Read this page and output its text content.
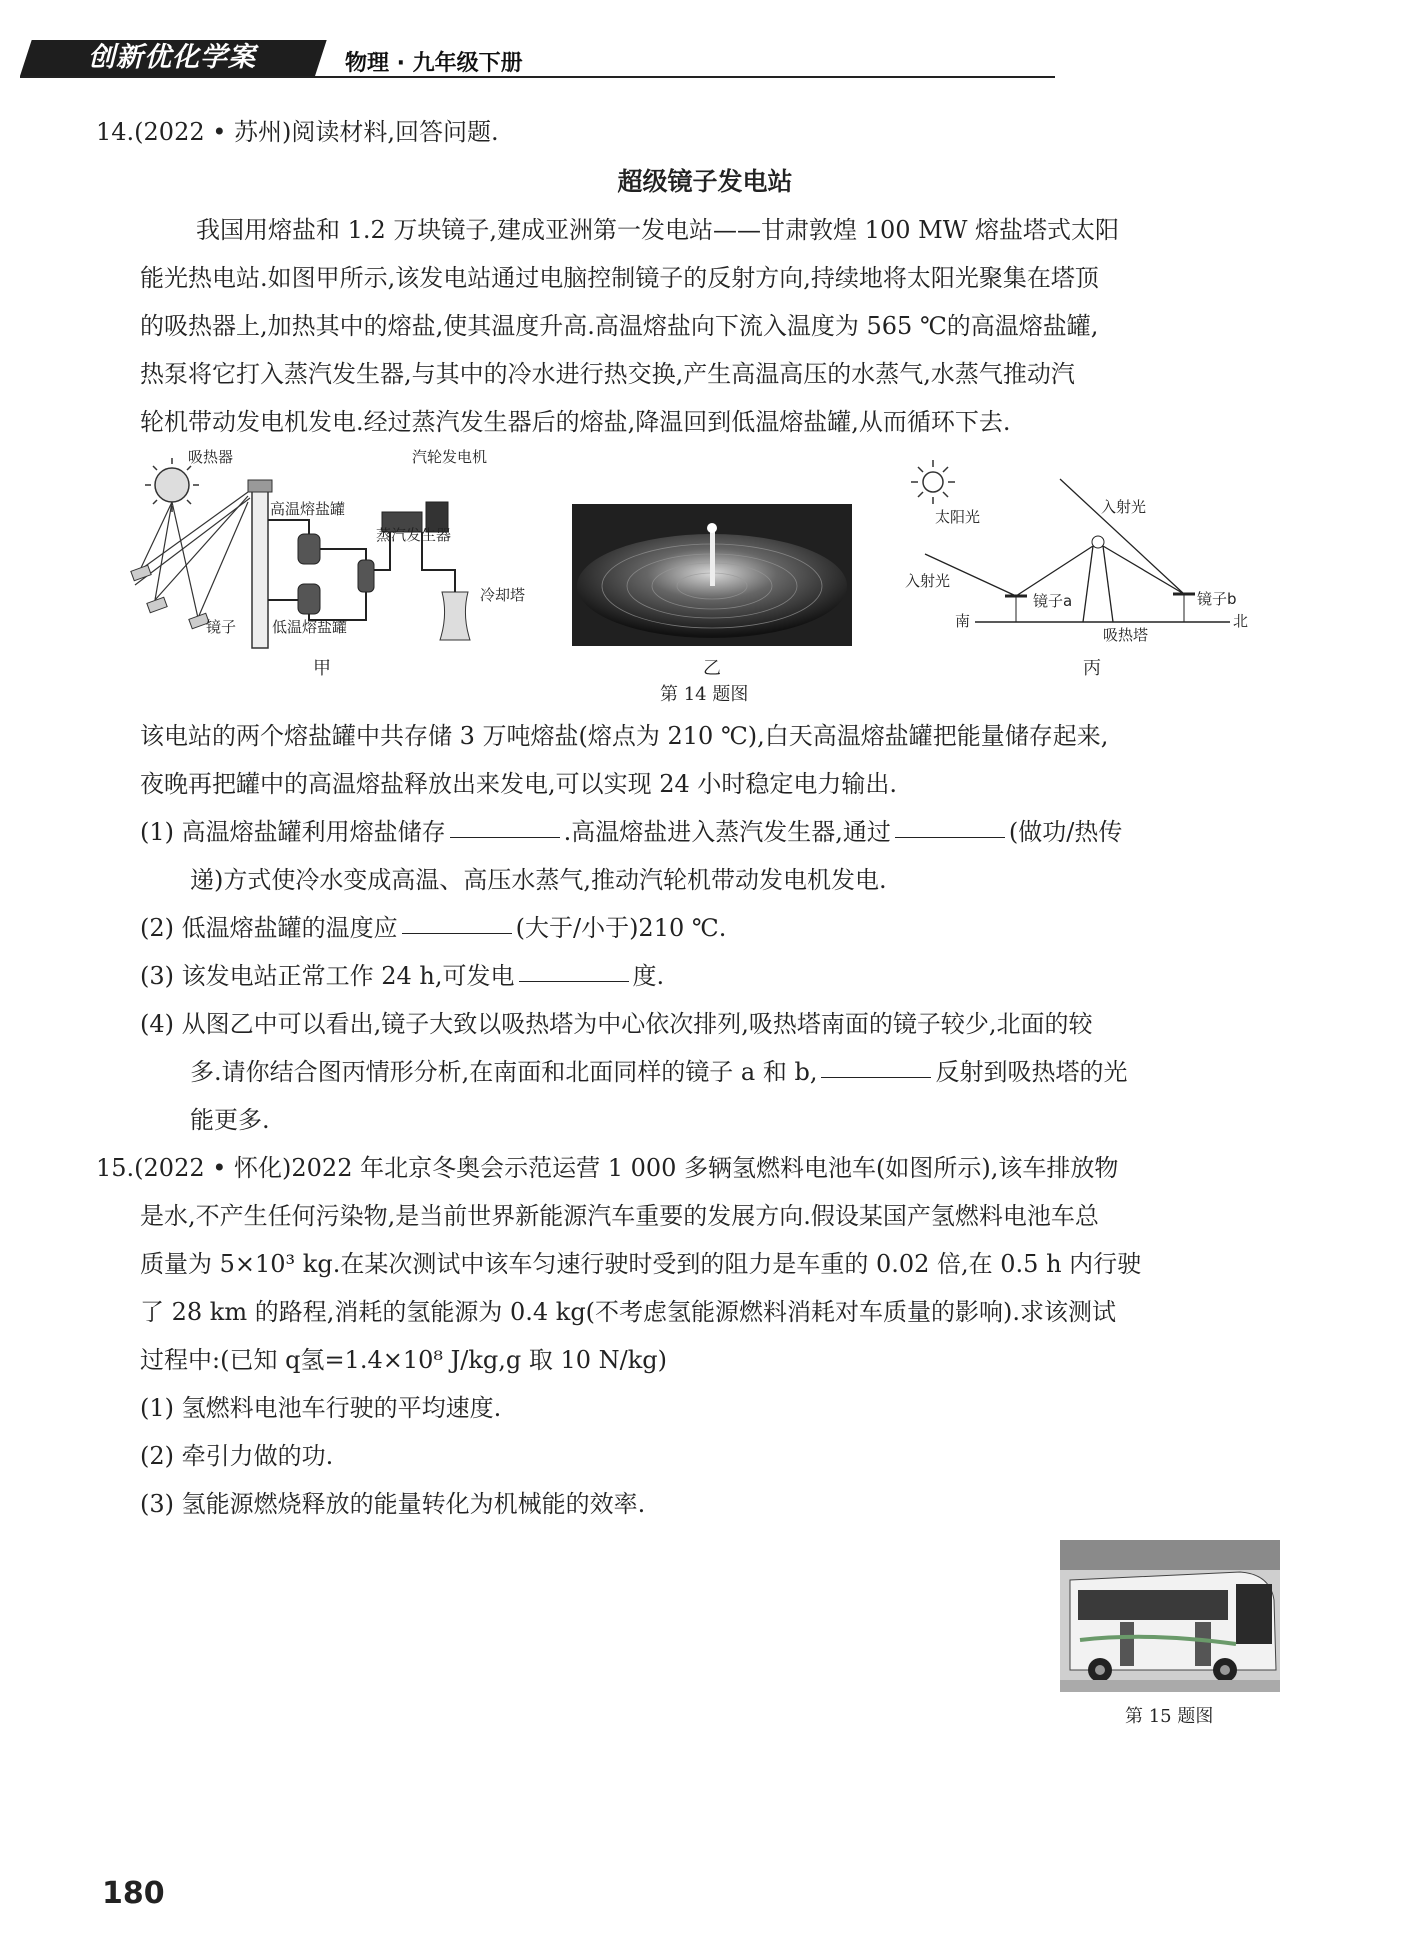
创新优化学案	物理 · 九年级下册
14.(2022 • 苏州)阅读材料,回答问题.
超级镜子发电站
我国用熔盐和 1.2 万块镜子,建成亚洲第一发电站——甘肃敦煌 100 MW 熔盐塔式太阳
能光热电站.如图甲所示,该发电站通过电脑控制镜子的反射方向,持续地将太阳光聚集在塔顶
的吸热器上,加热其中的熔盐,使其温度升高.高温熔盐向下流入温度为 565 ℃的高温熔盐罐,
热泵将它打入蒸汽发生器,与其中的冷水进行热交换,产生高温高压的水蒸气,水蒸气推动汽
轮机带动发电机发电.经过蒸汽发生器后的熔盐,降温回到低温熔盐罐,从而循环下去.
吸热器	汽轮发电机
高温熔盐罐
蒸汽发生器
冷却塔
镜子 低温熔盐罐
甲	乙
太阳光
入射光
入射光
镜子a	镜子b
南	北
吸热塔
丙
第 14 题图
该电站的两个熔盐罐中共存储 3 万吨熔盐(熔点为 210 ℃),白天高温熔盐罐把能量储存起来,
夜晚再把罐中的高温熔盐释放出来发电,可以实现 24 小时稳定电力输出.
(1) 高温熔盐罐利用熔盐储存	.高温熔盐进入蒸汽发生器,通过	(做功/热传
递)方式使冷水变成高温、高压水蒸气,推动汽轮机带动发电机发电.
(2) 低温熔盐罐的温度应	(大于/小于)210 ℃.
(3) 该发电站正常工作 24 h,可发电	度.
(4) 从图乙中可以看出,镜子大致以吸热塔为中心依次排列,吸热塔南面的镜子较少,北面的较
多.请你结合图丙情形分析,在南面和北面同样的镜子 a 和 b,	反射到吸热塔的光
能更多.
15.(2022 • 怀化)2022 年北京冬奥会示范运营 1 000 多辆氢燃料电池车(如图所示),该车排放物
是水,不产生任何污染物,是当前世界新能源汽车重要的发展方向.假设某国产氢燃料电池车总
质量为 5×10³ kg.在某次测试中该车匀速行驶时受到的阻力是车重的 0.02 倍,在 0.5 h 内行驶
了 28 km 的路程,消耗的氢能源为 0.4 kg(不考虑氢能源燃料消耗对车质量的影响).求该测试
过程中:(已知 q氢=1.4×10⁸ J/kg,g 取 10 N/kg)
(1) 氢燃料电池车行驶的平均速度.
(2) 牵引力做的功.
(3) 氢能源燃烧释放的能量转化为机械能的效率.
第 15 题图
180
